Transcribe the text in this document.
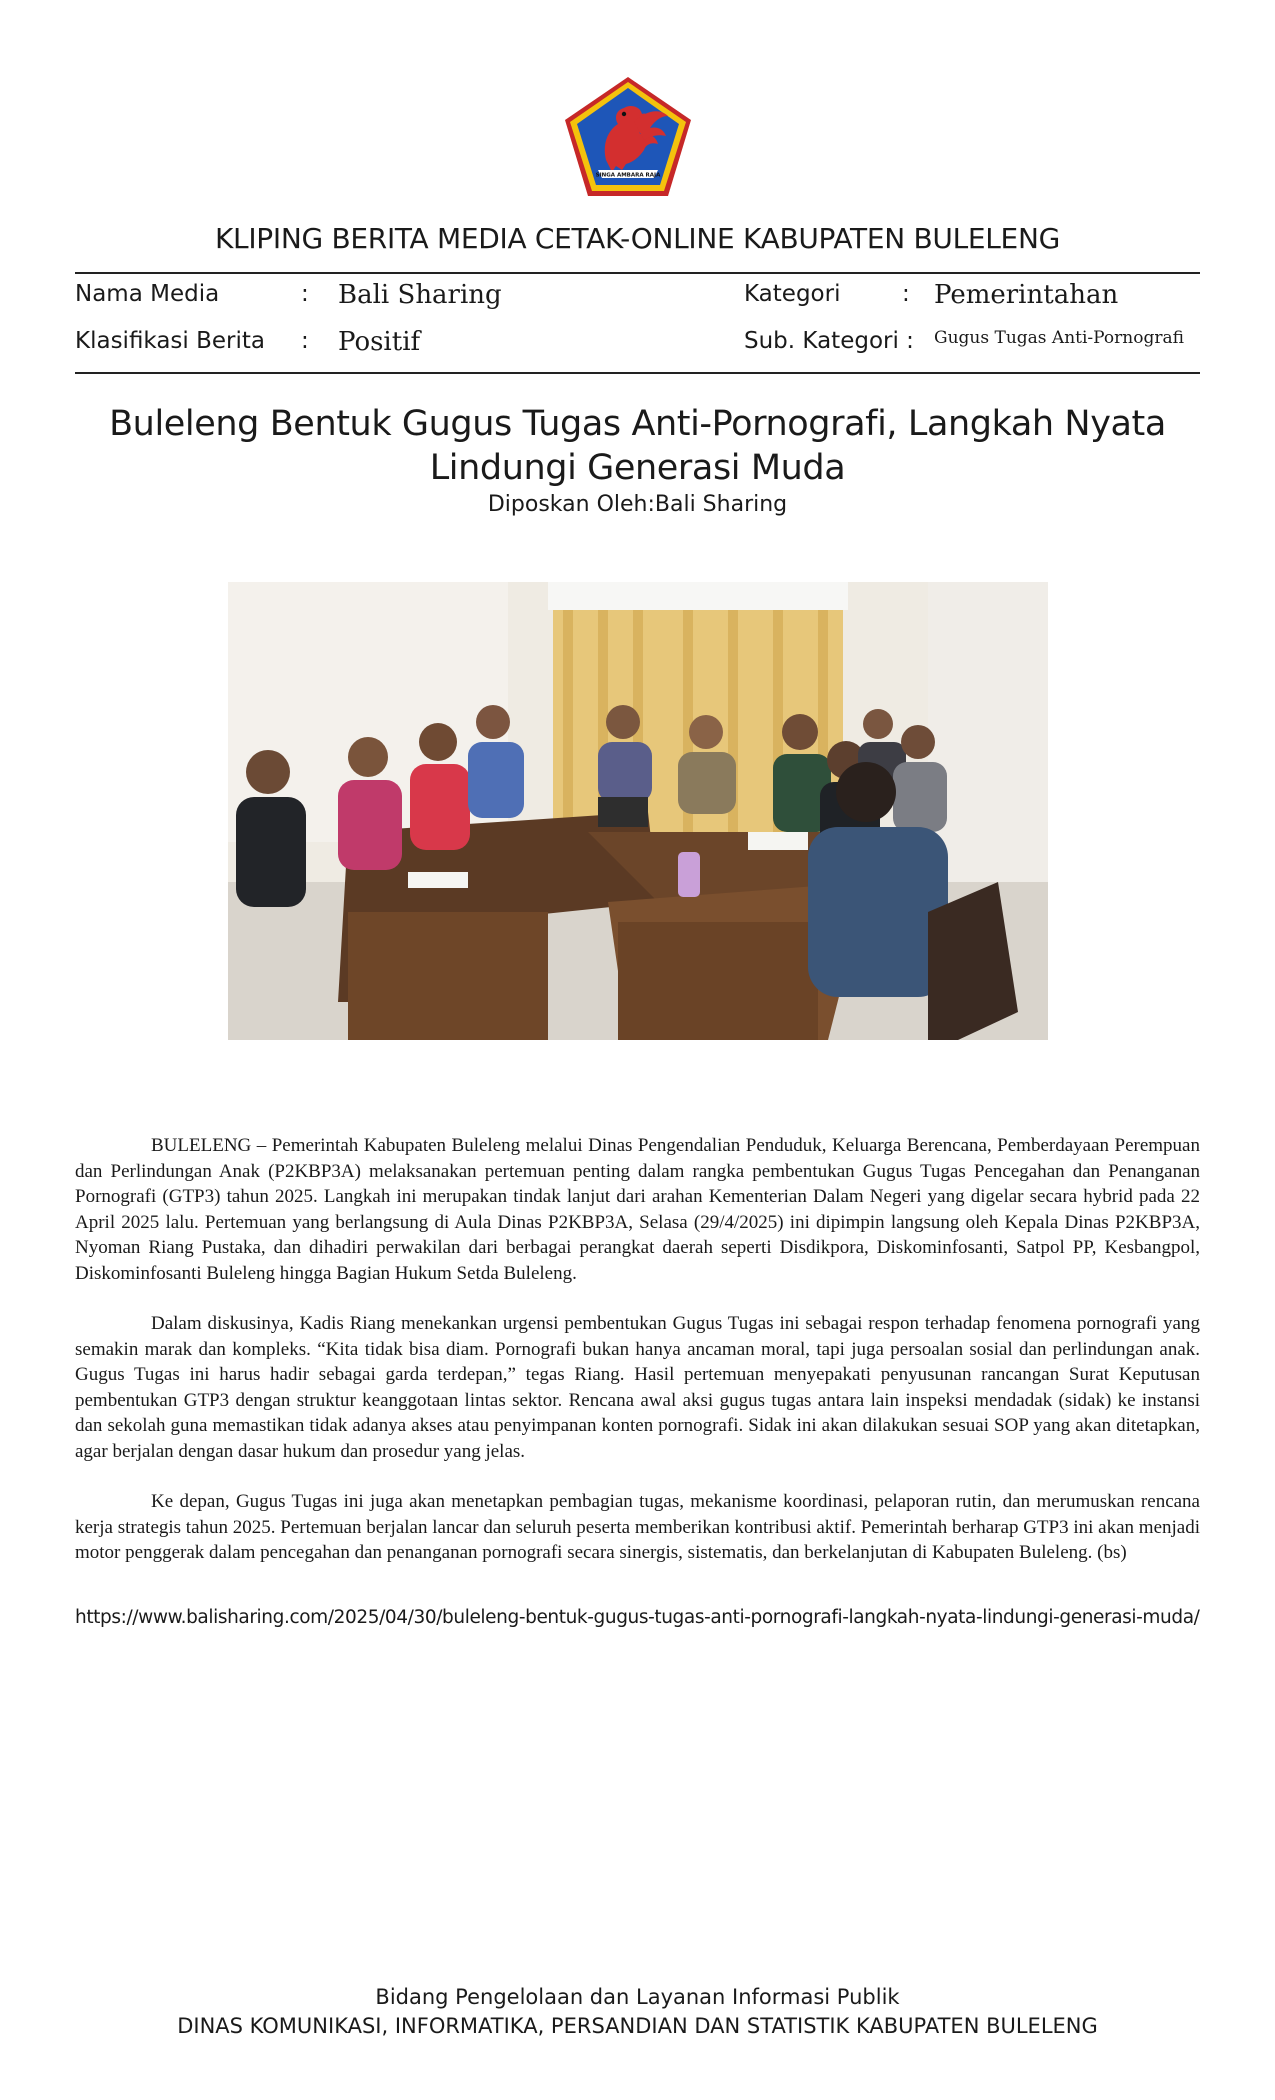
SINGA AMBARA RAJA
KLIPING BERITA MEDIA CETAK-ONLINE KABUPATEN BULELENG
Nama Media	: Bali Sharing	Kategori	: Pemerintahan
Klasifikasi Berita : Positif	Sub. Kategori : Gugus Tugas Anti-Pornografi
Buleleng Bentuk Gugus Tugas Anti-Pornografi, Langkah Nyata Lindungi Generasi Muda
Diposkan Oleh:Bali Sharing

BULELENG – Pemerintah Kabupaten Buleleng melalui Dinas Pengendalian Penduduk, Keluarga Berencana, Pemberdayaan Perempuan dan Perlindungan Anak (P2KBP3A) melaksanakan pertemuan penting dalam rangka pembentukan Gugus Tugas Pencegahan dan Penanganan Pornografi (GTP3) tahun 2025. Langkah ini merupakan tindak lanjut dari arahan Kementerian Dalam Negeri yang digelar secara hybrid pada 22 April 2025 lalu. Pertemuan yang berlangsung di Aula Dinas P2KBP3A, Selasa (29/4/2025) ini dipimpin langsung oleh Kepala Dinas P2KBP3A, Nyoman Riang Pustaka, dan dihadiri perwakilan dari berbagai perangkat daerah seperti Disdikpora, Diskominfosanti, Satpol PP, Kesbangpol, Diskominfosanti Buleleng hingga Bagian Hukum Setda Buleleng.

Dalam diskusinya, Kadis Riang menekankan urgensi pembentukan Gugus Tugas ini sebagai respon terhadap fenomena pornografi yang semakin marak dan kompleks. “Kita tidak bisa diam. Pornografi bukan hanya ancaman moral, tapi juga persoalan sosial dan perlindungan anak. Gugus Tugas ini harus hadir sebagai garda terdepan,” tegas Riang. Hasil pertemuan menyepakati penyusunan rancangan Surat Keputusan pembentukan GTP3 dengan struktur keanggotaan lintas sektor. Rencana awal aksi gugus tugas antara lain inspeksi mendadak (sidak) ke instansi dan sekolah guna memastikan tidak adanya akses atau penyimpanan konten pornografi. Sidak ini akan dilakukan sesuai SOP yang akan ditetapkan, agar berjalan dengan dasar hukum dan prosedur yang jelas.

Ke depan, Gugus Tugas ini juga akan menetapkan pembagian tugas, mekanisme koordinasi, pelaporan rutin, dan merumuskan rencana kerja strategis tahun 2025. Pertemuan berjalan lancar dan seluruh peserta memberikan kontribusi aktif. Pemerintah berharap GTP3 ini akan menjadi motor penggerak dalam pencegahan dan penanganan pornografi secara sinergis, sistematis, dan berkelanjutan di Kabupaten Buleleng. (bs)

https://www.balisharing.com/2025/04/30/buleleng-bentuk-gugus-tugas-anti-pornografi-langkah-nyata-lindungi-generasi-muda/
Bidang Pengelolaan dan Layanan Informasi Publik
DINAS KOMUNIKASI, INFORMATIKA, PERSANDIAN DAN STATISTIK KABUPATEN BULELENG
